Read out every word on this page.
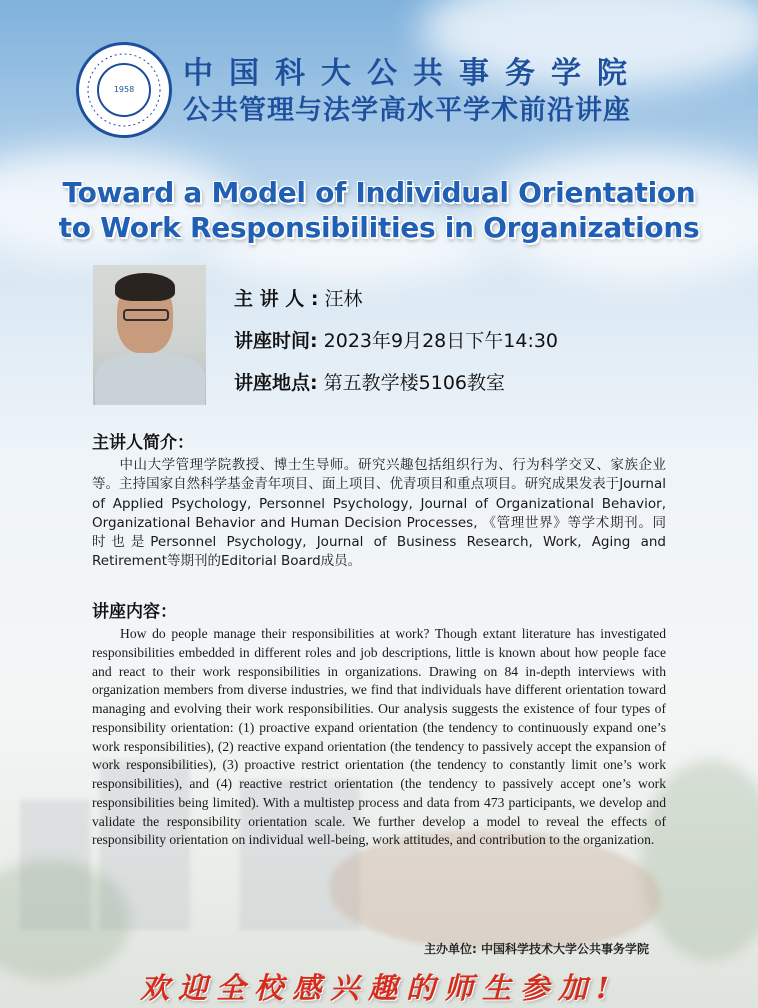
1958	中国科大公共事务学院
公共管理与法学高水平学术前沿讲座
Toward a Model of Individual Orientation
to Work Responsibilities in Organizations
主 讲 人 : 汪林
讲座时间: 2023年9月28日下午14:30
讲座地点: 第五教学楼5106教室
主讲人简介：
中山大学管理学院教授、博士生导师。研究兴趣包括组织行为、行为科学交叉、家族企业等。主持国家自然科学基金青年项目、面上项目、优青项目和重点项目。研究成果发表于Journal of Applied Psychology, Personnel Psychology, Journal of Organizational Behavior, Organizational Behavior and Human Decision Processes, 《管理世界》等学术期刊。同时也是Personnel Psychology, Journal of Business Research, Work, Aging and Retirement等期刊的Editorial Board成员。
讲座内容：
How do people manage their responsibilities at work? Though extant literature has investigated responsibilities embedded in different roles and job descriptions, little is known about how people face and react to their work responsibilities in organizations. Drawing on 84 in-depth interviews with organization members from diverse industries, we find that individuals have different orientation toward managing and evolving their work responsibilities. Our analysis suggests the existence of four types of responsibility orientation: (1) proactive expand orientation (the tendency to continuously expand one’s work responsibilities), (2) reactive expand orientation (the tendency to passively accept the expansion of work responsibilities), (3) proactive restrict orientation (the tendency to constantly limit one’s work responsibilities), and (4) reactive restrict orientation (the tendency to passively accept one’s work responsibilities being limited). With a multistep process and data from 473 participants, we develop and validate the responsibility orientation scale. We further develop a model to reveal the effects of responsibility orientation on individual well-being, work attitudes, and contribution to the organization.
主办单位: 中国科学技术大学公共事务学院
欢迎全校感兴趣的师生参加!
